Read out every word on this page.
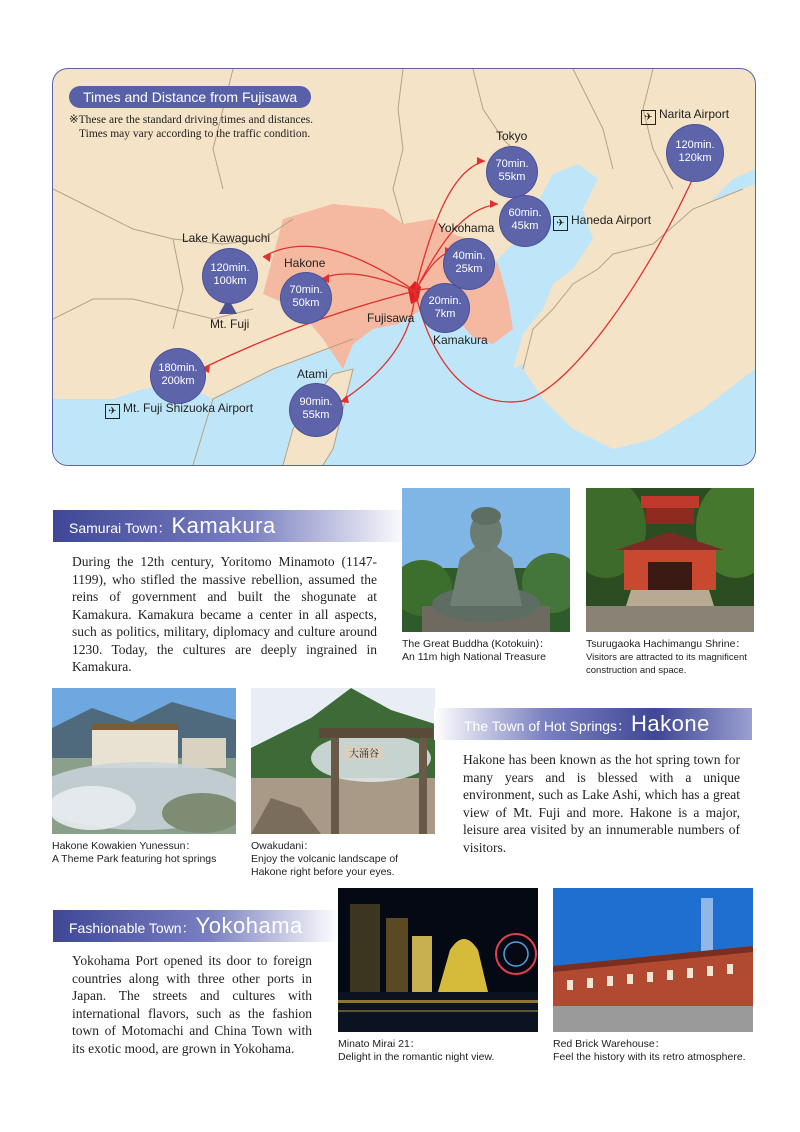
Times and Distance from Fujisawa
※These are the standard driving times and distances.
Times may vary according to the traffic condition.	Tokyo
70min.
55km
60min.
45km	✈ Haneda Airport
Yokohama
40min.
25km
20min.
7km
Kamakura
Fujisawa
Hakone
70min.
50km
Lake Kawaguchi
120min.
100km
Mt. Fuji
180min.
200km
✈ Mt. Fuji Shizuoka Airport
Atami
90min.
55km
✈ Narita Airport
120min.
120km
Samurai Town：Kamakura
During the 12th century, Yoritomo Minamoto (1147-1199), who stifled the massive rebellion, assumed the reins of government and built the shogunate at Kamakura. Kamakura became a center in all aspects, such as politics, military, diplomacy and culture around 1230. Today, the cultures are deeply ingrained in Kamakura.
The Great Buddha (Kotokuin)：
An 11m high National Treasure
Tsurugaoka Hachimangu Shrine：
Visitors are attracted to its magnificent
construction and space.
Hakone Kowakien Yunessun：
A Theme Park featuring hot springs
大涌谷
Owakudani：
Enjoy the volcanic landscape of
Hakone right before your eyes.
The Town of Hot Springs：Hakone
Hakone has been known as the hot spring town for many years and is blessed with a unique environment, such as Lake Ashi, which has a great view of Mt. Fuji and more. Hakone is a major, leisure area visited by an innumerable numbers of visitors.
Fashionable Town：Yokohama
Yokohama Port opened its door to foreign countries along with three other ports in Japan. The streets and cultures with international flavors, such as the fashion town of Motomachi and China Town with its exotic mood, are grown in Yokohama.	Minato Mirai 21：
Delight in the romantic night view.
Red Brick Warehouse：
Feel the history with its retro atmosphere.
